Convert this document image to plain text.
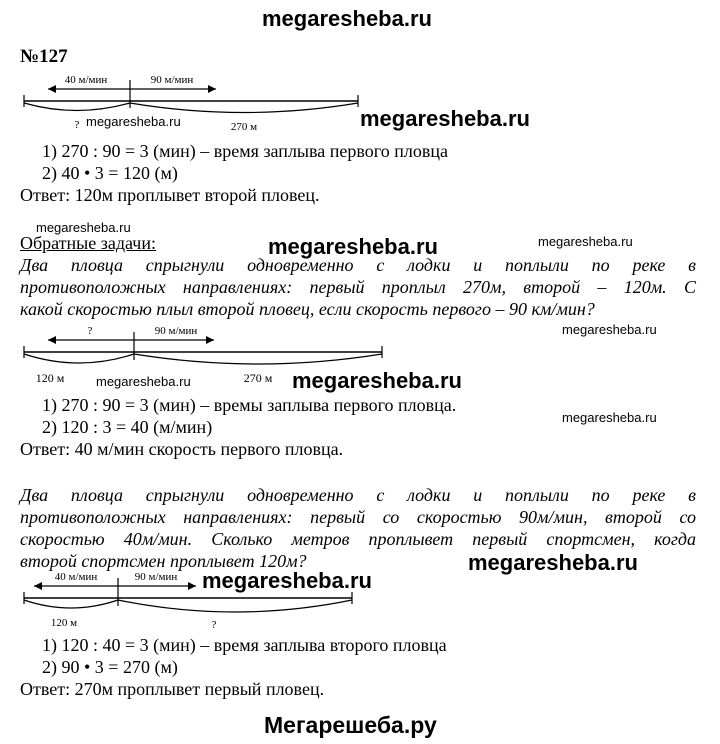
megaresheba.ru
№127
40 м/мин	90 м/мин
?	270 м
megaresheba.ru	megaresheba.ru
1) 270 : 90 = 3 (мин) – время заплыва первого пловца
2) 40 • 3 = 120 (м)
Ответ: 120м проплывет второй пловец.
megaresheba.ru
Обратные задачи:	megaresheba.ru	megaresheba.ru
Два пловца спрыгнули одновременно с лодки и поплыли по реке в
противоположных направлениях: первый проплыл 270м, второй – 120м. С
какой скоростью плыл второй пловец, если скорость первого – 90 км/мин?
megaresheba.ru
?	90 м/мин
120 м	270 м
megaresheba.ru	megaresheba.ru
1) 270 : 90 = 3 (мин) – времы заплыва первого пловца.
megaresheba.ru
2) 120 : 3 = 40 (м/мин)
Ответ: 40 м/мин скорость первого пловца.
Два пловца спрыгнули одновременно с лодки и поплыли по реке в
противоположных направлениях: первый со скоростью 90м/мин, второй со
скоростью 40м/мин. Сколько метров проплывет первый спортсмен, когда
второй спортсмен проплывет 120м?	megaresheba.ru
40 м/мин	90 м/мин
120 м	?
megaresheba.ru
1) 120 : 40 = 3 (мин) – время заплыва второго пловца
2) 90 • 3 = 270 (м)
Ответ: 270м проплывет первый пловец.
Мегарешеба.ру
